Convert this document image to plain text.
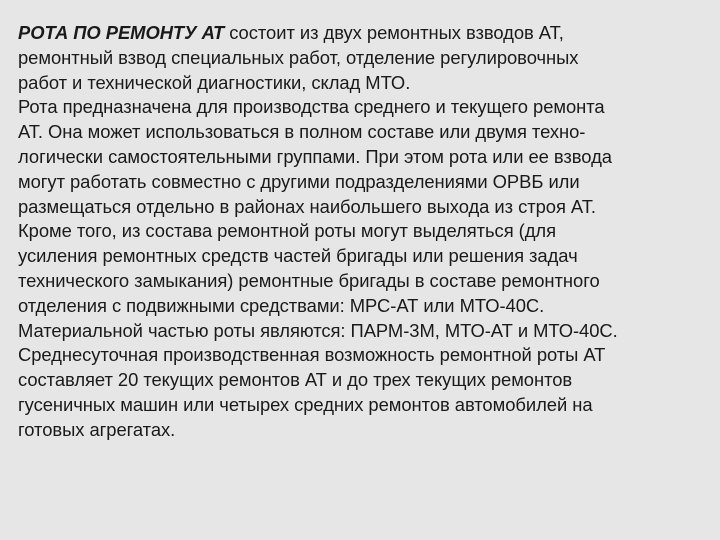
РОТА ПО РЕМОНТУ АТ состоит из двух ремонтных взводов АТ,
ремонтный взвод специальных работ, отделение регулировочных
работ и технической диагностики, склад МТО.
Рота предназначена для производства среднего и текущего ремонта
АТ. Она может использоваться в полном составе или двумя техно-
логически самостоятельными группами. При этом рота или ее взвода
могут работать совместно с другими подразделениями ОРВБ или
размещаться отдельно в районах наибольшего выхода из строя АТ.
Кроме того, из состава ремонтной роты могут выделяться (для
усиления ремонтных средств частей бригады или решения задач
технического замыкания) ремонтные бригады в составе ремонтного
отделения с подвижными средствами: МРС-АТ или МТО-40С.
Материальной частью роты являются: ПАРМ-3М, МТО-АТ и МТО-40С.
Среднесуточная производственная возможность ремонтной роты АТ
составляет 20 текущих ремонтов АТ и до трех текущих ремонтов
гусеничных машин или четырех средних ремонтов автомобилей на
готовых агрегатах.
